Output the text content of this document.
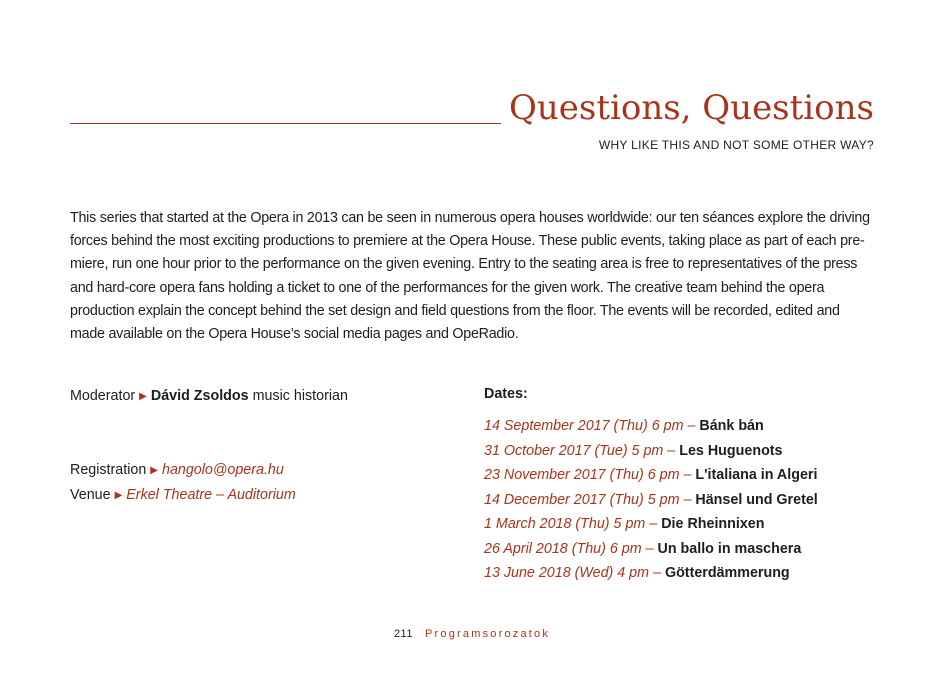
Questions, Questions
WHY LIKE THIS AND NOT SOME OTHER WAY?
This series that started at the Opera in 2013 can be seen in numerous opera houses worldwide: our ten séances explore the driving
forces behind the most exciting productions to premiere at the Opera House. These public events, taking place as part of each pre-
miere, run one hour prior to the performance on the given evening. Entry to the seating area is free to representatives of the press
and hard-core opera fans holding a ticket to one of the performances for the given work. The creative team behind the opera
production explain the concept behind the set design and field questions from the floor. The events will be recorded, edited and
made available on the Opera House’s social media pages and OpeRadio.
Moderator ▶ Dávid Zsoldos music historian
Registration ▶ hangolo@opera.hu
Venue ▶ Erkel Theatre – Auditorium
Dates:
14 September 2017 (Thu) 6 pm – Bánk bán
31 October 2017 (Tue) 5 pm – Les Huguenots
23 November 2017 (Thu) 6 pm – L'italiana in Algeri
14 December 2017 (Thu) 5 pm – Hänsel und Gretel
1 March 2018 (Thu) 5 pm – Die Rheinnixen
26 April 2018 (Thu) 6 pm – Un ballo in maschera
13 June 2018 (Wed) 4 pm – Götterdämmerung
211 Programsorozatok
